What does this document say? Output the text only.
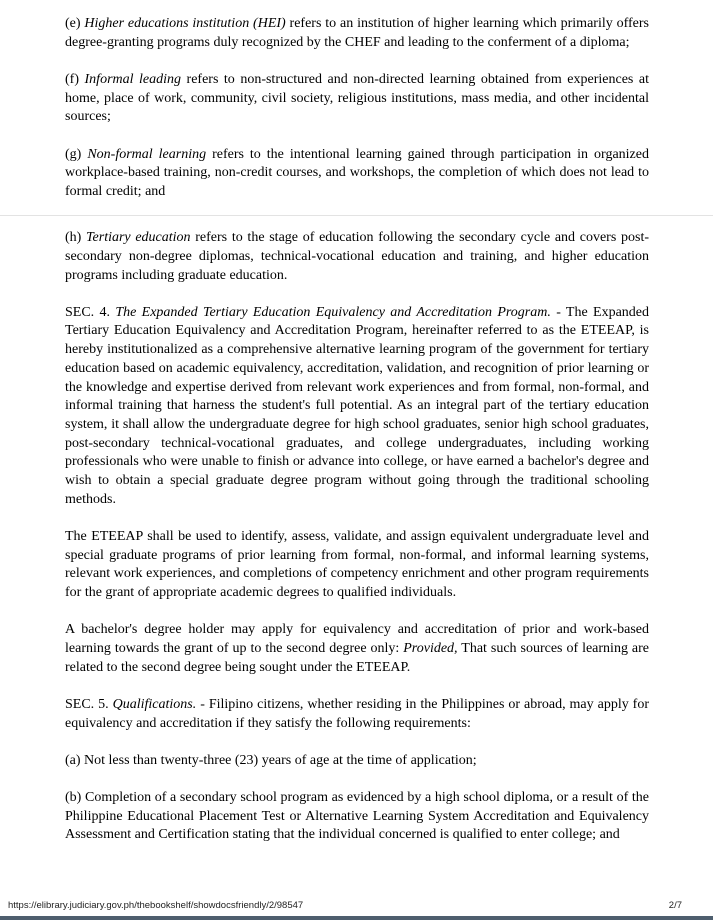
(e) Higher educations institution (HEI) refers to an institution of higher learning which primarily offers degree-granting programs duly recognized by the CHEF and leading to the conferment of a diploma;

(f) Informal leading refers to non-structured and non-directed learning obtained from experiences at home, place of work, community, civil society, religious institutions, mass media, and other incidental sources;

(g) Non-formal learning refers to the intentional learning gained through participation in organized workplace-based training, non-credit courses, and workshops, the completion of which does not lead to formal credit; and

(h) Tertiary education refers to the stage of education following the secondary cycle and covers post-secondary non-degree diplomas, technical-vocational education and training, and higher education programs including graduate education.

SEC. 4. The Expanded Tertiary Education Equivalency and Accreditation Program. - The Expanded Tertiary Education Equivalency and Accreditation Program, hereinafter referred to as the ETEEAP, is hereby institutionalized as a comprehensive alternative learning program of the government for tertiary education based on academic equivalency, accreditation, validation, and recognition of prior learning or the knowledge and expertise derived from relevant work experiences and from formal, non-formal, and informal training that harness the student's full potential. As an integral part of the tertiary education system, it shall allow the undergraduate degree for high school graduates, senior high school graduates, post-secondary technical-vocational graduates, and college undergraduates, including working professionals who were unable to finish or advance into college, or have earned a bachelor's degree and wish to obtain a special graduate degree program without going through the traditional schooling methods.

The ETEEAP shall be used to identify, assess, validate, and assign equivalent undergraduate level and special graduate programs of prior learning from formal, non-formal, and informal learning systems, relevant work experiences, and completions of competency enrichment and other program requirements for the grant of appropriate academic degrees to qualified individuals.

A bachelor's degree holder may apply for equivalency and accreditation of prior and work-based learning towards the grant of up to the second degree only: Provided, That such sources of learning are related to the second degree being sought under the ETEEAP.

SEC. 5. Qualifications. - Filipino citizens, whether residing in the Philippines or abroad, may apply for equivalency and accreditation if they satisfy the following requirements:

(a) Not less than twenty-three (23) years of age at the time of application;

(b) Completion of a secondary school program as evidenced by a high school diploma, or a result of the Philippine Educational Placement Test or Alternative Learning System Accreditation and Equivalency Assessment and Certification stating that the individual concerned is qualified to enter college; and

https://elibrary.judiciary.gov.ph/thebookshelf/showdocsfriendly/2/98547	2/7
